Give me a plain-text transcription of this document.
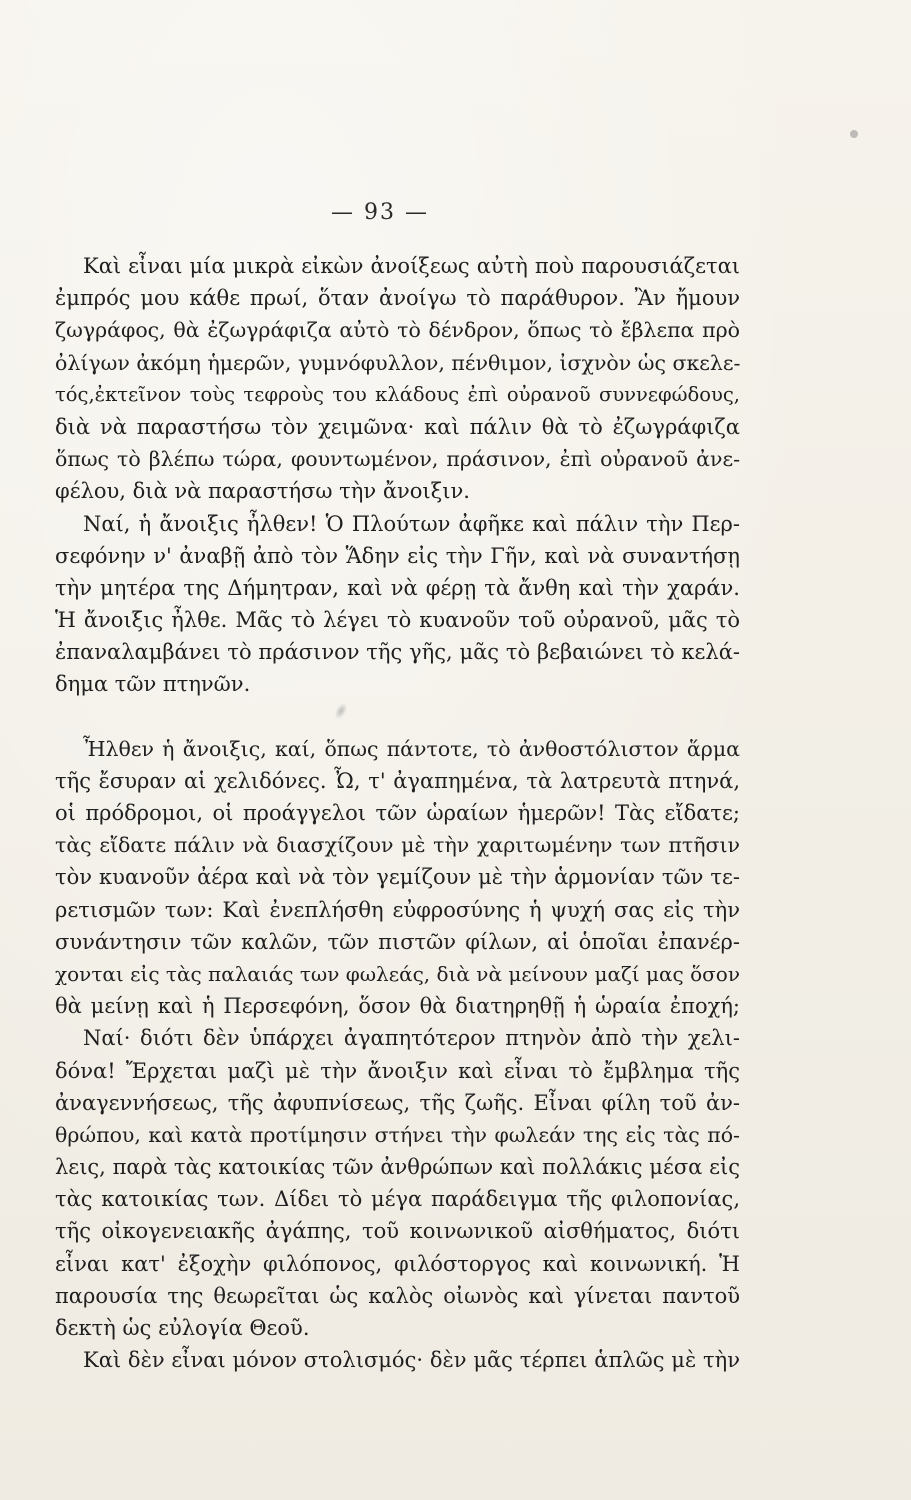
— 93 —
Καὶ εἶναι μία μικρὰ εἰκὼν ἀνοίξεως αὐτὴ ποὺ παρουσιάζεται
ἐμπρός μου κάθε πρωί, ὅταν ἀνοίγω τὸ παράθυρον. Ἂν ἤμουν
ζωγράφος, θὰ ἐζωγράφιζα αὐτὸ τὸ δένδρον, ὅπως τὸ ἔβλεπα πρὸ
ὀλίγων ἀκόμη ἡμερῶν, γυμνόφυλλον, πένθιμον, ἰσχνὸν ὡς σκελε-
τός,ἐκτεῖνον τοὺς τεφροὺς του κλάδους ἐπὶ οὐρανοῦ συννεφώδους,
διὰ νὰ παραστήσω τὸν χειμῶνα· καὶ πάλιν θὰ τὸ ἐζωγράφιζα
ὅπως τὸ βλέπω τώρα, φουντωμένον, πράσινον, ἐπὶ οὐρανοῦ ἀνε-
φέλου, διὰ νὰ παραστήσω τὴν ἄνοιξιν.
Ναί, ἡ ἄνοιξις ἦλθεν! Ὁ Πλούτων ἀφῆκε καὶ πάλιν τὴν Περ-
σεφόνην ν' ἀναβῇ ἀπὸ τὸν Ἅδην εἰς τὴν Γῆν, καὶ νὰ συναντήσῃ
τὴν μητέρα της Δήμητραν, καὶ νὰ φέρῃ τὰ ἄνθη καὶ τὴν χαράν.
Ἡ ἄνοιξις ἦλθε. Μᾶς τὸ λέγει τὸ κυανοῦν τοῦ οὐρανοῦ, μᾶς τὸ
ἐπαναλαμβάνει τὸ πράσινον τῆς γῆς, μᾶς τὸ βεβαιώνει τὸ κελά-
δημα τῶν πτηνῶν.
Ἦλθεν ἡ ἄνοιξις, καί, ὅπως πάντοτε, τὸ ἀνθοστόλιστον ἅρμα
τῆς ἔσυραν αἱ χελιδόνες. Ὦ, τ' ἀγαπημένα, τὰ λατρευτὰ πτηνά,
οἱ πρόδρομοι, οἱ προάγγελοι τῶν ὡραίων ἡμερῶν! Τὰς εἴδατε;
τὰς εἴδατε πάλιν νὰ διασχίζουν μὲ τὴν χαριτωμένην των πτῆσιν
τὸν κυανοῦν ἀέρα καὶ νὰ τὸν γεμίζουν μὲ τὴν ἁρμονίαν τῶν τε-
ρετισμῶν των: Καὶ ἐνεπλήσθη εὐφροσύνης ἡ ψυχή σας εἰς τὴν
συνάντησιν τῶν καλῶν, τῶν πιστῶν φίλων, αἱ ὁποῖαι ἐπανέρ-
χονται εἰς τὰς παλαιάς των φωλεάς, διὰ νὰ μείνουν μαζί μας ὅσον
θὰ μείνῃ καὶ ἡ Περσεφόνη, ὅσον θὰ διατηρηθῇ ἡ ὡραία ἐποχή;
Ναί· διότι δὲν ὑπάρχει ἀγαπητότερον πτηνὸν ἀπὸ τὴν χελι-
δόνα! Ἔρχεται μαζὶ μὲ τὴν ἄνοιξιν καὶ εἶναι τὸ ἔμβλημα τῆς
ἀναγεννήσεως, τῆς ἀφυπνίσεως, τῆς ζωῆς. Εἶναι φίλη τοῦ ἀν-
θρώπου, καὶ κατὰ προτίμησιν στήνει τὴν φωλεάν της εἰς τὰς πό-
λεις, παρὰ τὰς κατοικίας τῶν ἀνθρώπων καὶ πολλάκις μέσα εἰς
τὰς κατοικίας των. Δίδει τὸ μέγα παράδειγμα τῆς φιλοπονίας,
τῆς οἰκογενειακῆς ἀγάπης, τοῦ κοινωνικοῦ αἰσθήματος, διότι
εἶναι κατ' ἐξοχὴν φιλόπονος, φιλόστοργος καὶ κοινωνική. Ἡ
παρουσία της θεωρεῖται ὡς καλὸς οἰωνὸς καὶ γίνεται παντοῦ
δεκτὴ ὡς εὐλογία Θεοῦ.
Καὶ δὲν εἶναι μόνον στολισμός· δὲν μᾶς τέρπει ἁπλῶς μὲ τὴν
